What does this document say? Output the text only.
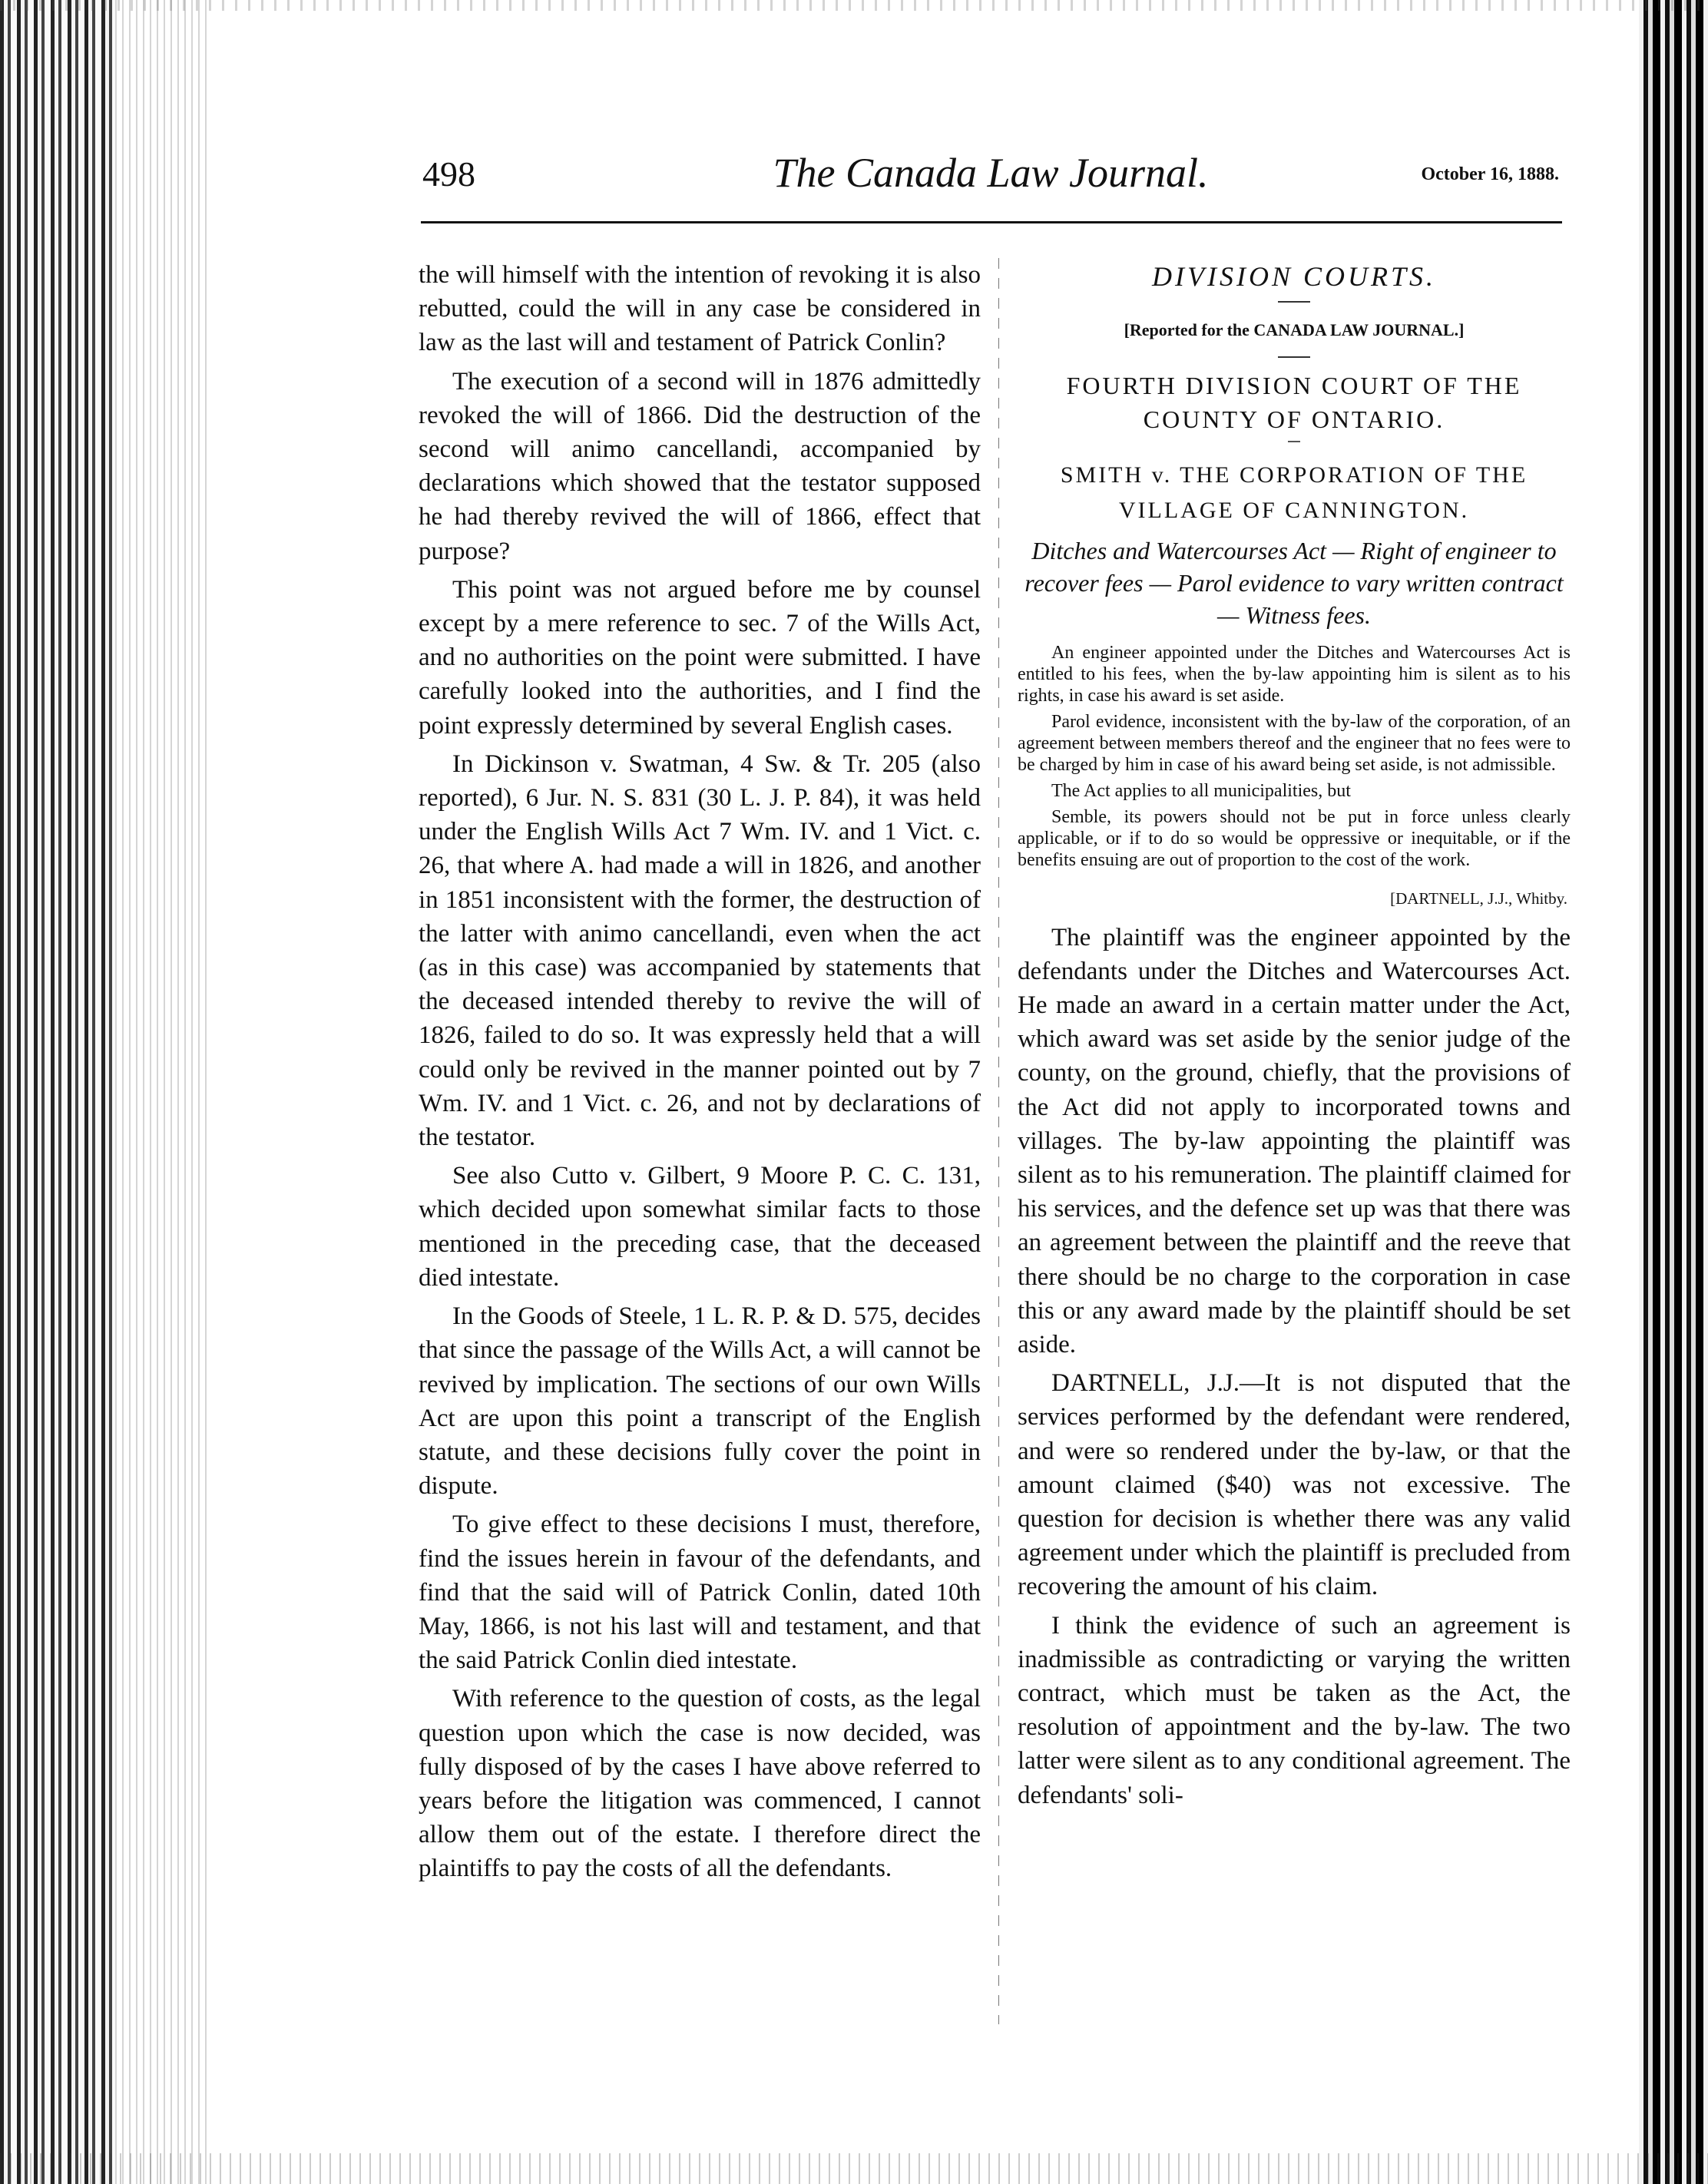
498	The Canada Law Journal.	October 16, 1888.

the will himself with the intention of revoking it is also rebutted, could the will in any case be considered in law as the last will and testament of Patrick Conlin?

The execution of a second will in 1876 admittedly revoked the will of 1866. Did the destruction of the second will animo cancellandi, accompanied by declarations which showed that the testator supposed he had thereby revived the will of 1866, effect that purpose?

This point was not argued before me by counsel except by a mere reference to sec. 7 of the Wills Act, and no authorities on the point were submitted. I have carefully looked into the authorities, and I find the point expressly determined by several English cases.

In Dickinson v. Swatman, 4 Sw. & Tr. 205 (also reported), 6 Jur. N. S. 831 (30 L. J. P. 84), it was held under the English Wills Act 7 Wm. IV. and 1 Vict. c. 26, that where A. had made a will in 1826, and another in 1851 inconsistent with the former, the destruction of the latter with animo cancellandi, even when the act (as in this case) was accompanied by statements that the deceased intended thereby to revive the will of 1826, failed to do so. It was expressly held that a will could only be revived in the manner pointed out by 7 Wm. IV. and 1 Vict. c. 26, and not by declarations of the testator.

See also Cutto v. Gilbert, 9 Moore P. C. C. 131, which decided upon somewhat similar facts to those mentioned in the preceding case, that the deceased died intestate.

In the Goods of Steele, 1 L. R. P. & D. 575, decides that since the passage of the Wills Act, a will cannot be revived by implication. The sections of our own Wills Act are upon this point a transcript of the English statute, and these decisions fully cover the point in dispute.

To give effect to these decisions I must, therefore, find the issues herein in favour of the defendants, and find that the said will of Patrick Conlin, dated 10th May, 1866, is not his last will and testament, and that the said Patrick Conlin died intestate.

With reference to the question of costs, as the legal question upon which the case is now decided, was fully disposed of by the cases I have above referred to years before the litigation was commenced, I cannot allow them out of the estate. I therefore direct the plaintiffs to pay the costs of all the defendants.

DIVISION COURTS.
[Reported for the CANADA LAW JOURNAL.]
FOURTH DIVISION COURT OF THE COUNTY OF ONTARIO.
SMITH v. THE CORPORATION OF THE VILLAGE OF CANNINGTON.
Ditches and Watercourses Act — Right of engineer to recover fees — Parol evidence to vary written contract — Witness fees.

An engineer appointed under the Ditches and Watercourses Act is entitled to his fees, when the by-law appointing him is silent as to his rights, in case his award is set aside.

Parol evidence, inconsistent with the by-law of the corporation, of an agreement between members thereof and the engineer that no fees were to be charged by him in case of his award being set aside, is not admissible.

The Act applies to all municipalities, but

Semble, its powers should not be put in force unless clearly applicable, or if to do so would be oppressive or inequitable, or if the benefits ensuing are out of proportion to the cost of the work.

[DARTNELL, J.J., Whitby.

The plaintiff was the engineer appointed by the defendants under the Ditches and Watercourses Act. He made an award in a certain matter under the Act, which award was set aside by the senior judge of the county, on the ground, chiefly, that the provisions of the Act did not apply to incorporated towns and villages. The by-law appointing the plaintiff was silent as to his remuneration. The plaintiff claimed for his services, and the defence set up was that there was an agreement between the plaintiff and the reeve that there should be no charge to the corporation in case this or any award made by the plaintiff should be set aside.

DARTNELL, J.J.—It is not disputed that the services performed by the defendant were rendered, and were so rendered under the by-law, or that the amount claimed ($40) was not excessive. The question for decision is whether there was any valid agreement under which the plaintiff is precluded from recovering the amount of his claim.

I think the evidence of such an agreement is inadmissible as contradicting or varying the written contract, which must be taken as the Act, the resolution of appointment and the by-law. The two latter were silent as to any conditional agreement. The defendants' soli-
